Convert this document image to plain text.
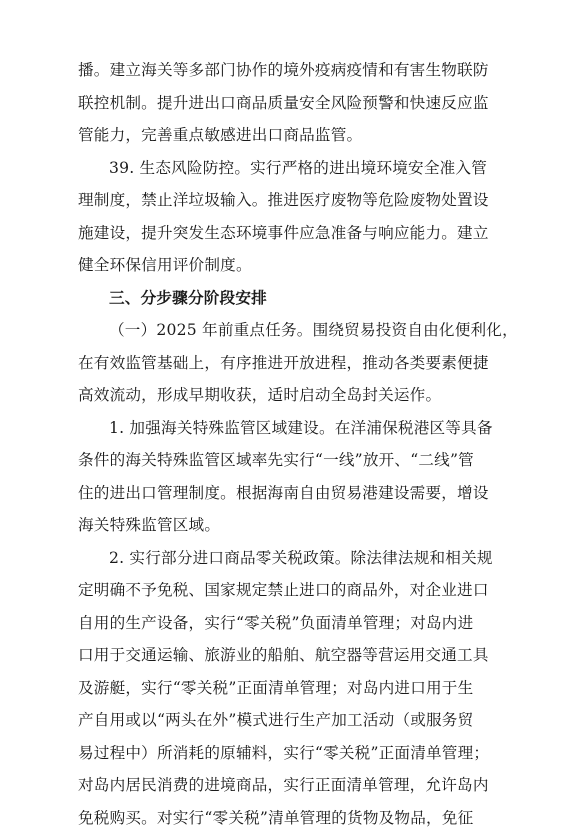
播。建立海关等多部门协作的境外疫病疫情和有害生物联防
联控机制。提升进出口商品质量安全风险预警和快速反应监
管能力，完善重点敏感进出口商品监管。
39. 生态风险防控。实行严格的进出境环境安全准入管
理制度，禁止洋垃圾输入。推进医疗废物等危险废物处置设
施建设，提升突发生态环境事件应急准备与响应能力。建立
健全环保信用评价制度。
三、分步骤分阶段安排
（一）2025 年前重点任务。围绕贸易投资自由化便利化，
在有效监管基础上，有序推进开放进程，推动各类要素便捷
高效流动，形成早期收获，适时启动全岛封关运作。
1. 加强海关特殊监管区域建设。在洋浦保税港区等具备
条件的海关特殊监管区域率先实行“一线”放开、“二线”管
住的进出口管理制度。根据海南自由贸易港建设需要，增设
海关特殊监管区域。
2. 实行部分进口商品零关税政策。除法律法规和相关规
定明确不予免税、国家规定禁止进口的商品外，对企业进口
自用的生产设备，实行“零关税”负面清单管理；对岛内进
口用于交通运输、旅游业的船舶、航空器等营运用交通工具
及游艇，实行“零关税”正面清单管理；对岛内进口用于生
产自用或以“两头在外”模式进行生产加工活动（或服务贸
易过程中）所消耗的原辅料，实行“零关税”正面清单管理；
对岛内居民消费的进境商品，实行正面清单管理，允许岛内
免税购买。对实行“零关税”清单管理的货物及物品，免征
